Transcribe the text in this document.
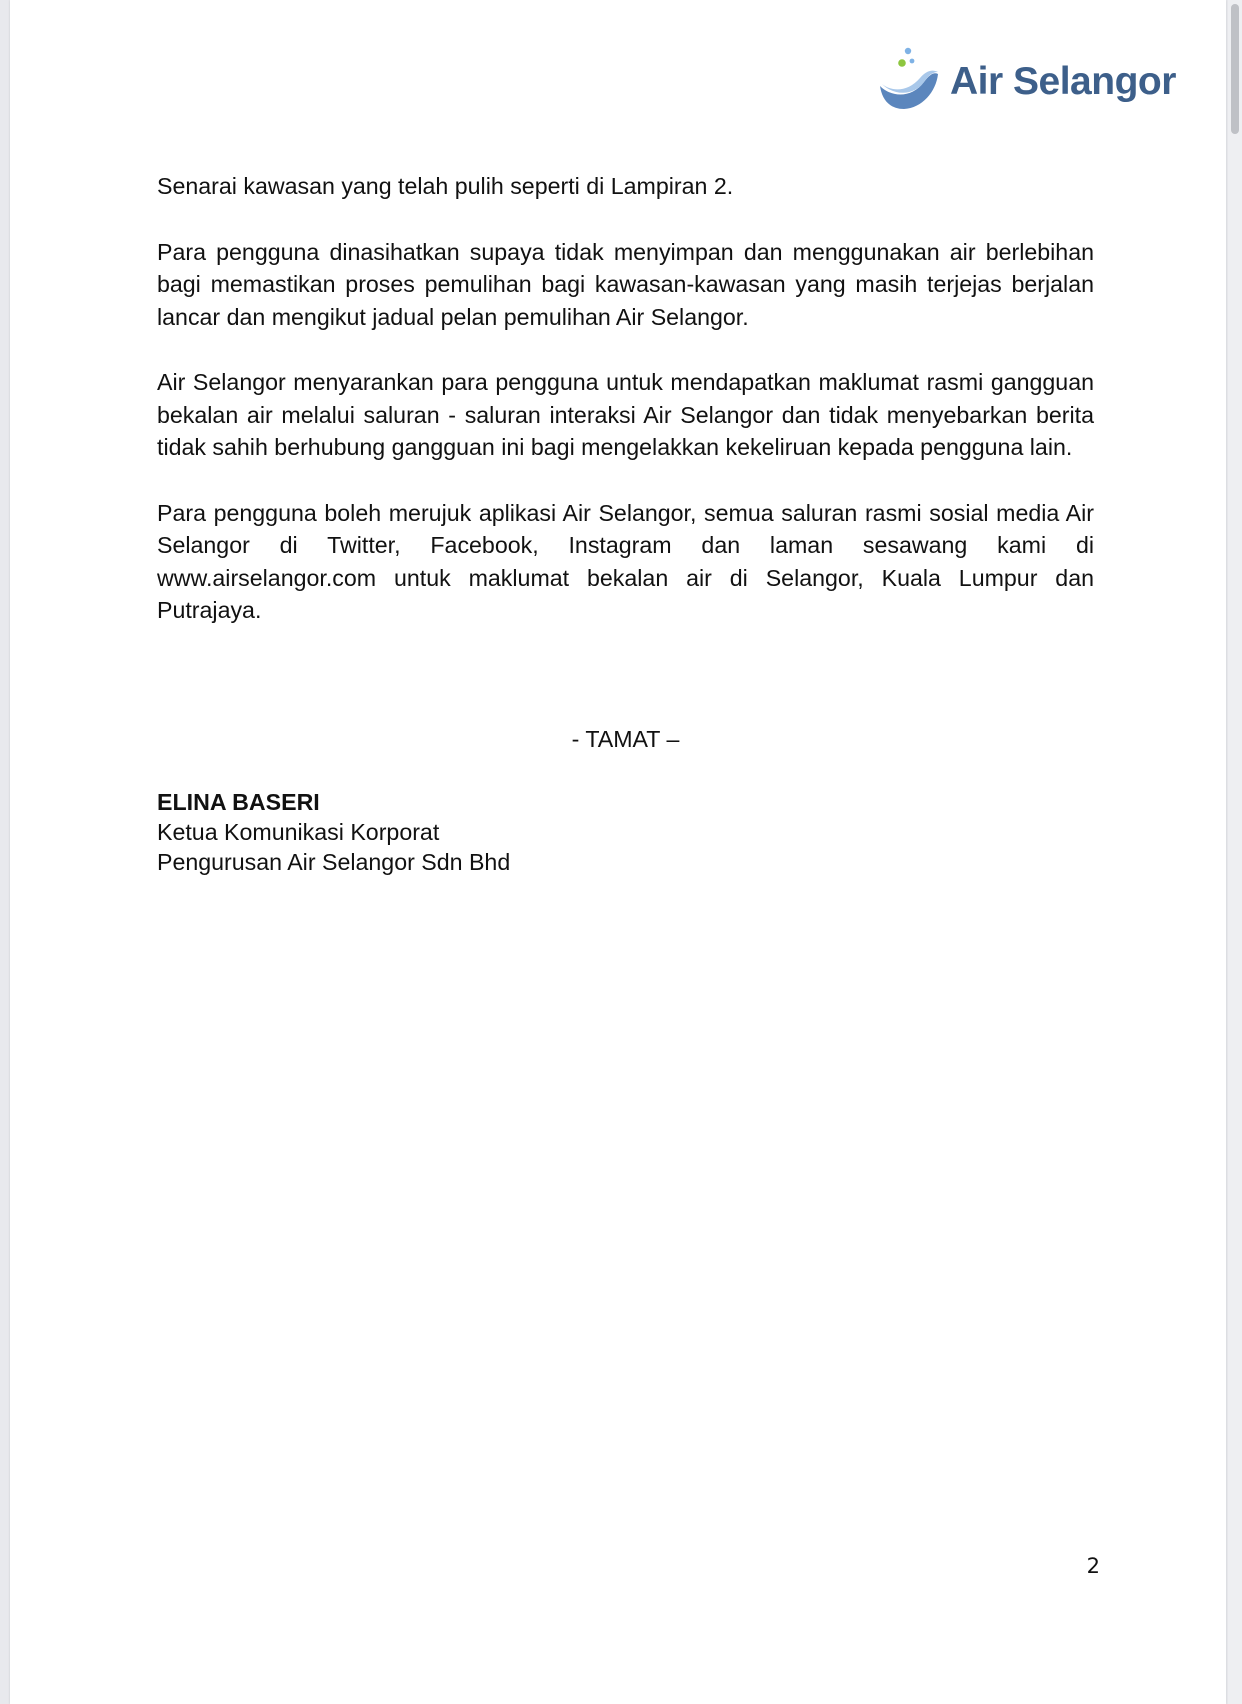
Air Selangor

Senarai kawasan yang telah pulih seperti di Lampiran 2.

Para pengguna dinasihatkan supaya tidak menyimpan dan menggunakan air berlebihan bagi memastikan proses pemulihan bagi kawasan-kawasan yang masih terjejas berjalan lancar dan mengikut jadual pelan pemulihan Air Selangor.

Air Selangor menyarankan para pengguna untuk mendapatkan maklumat rasmi gangguan bekalan air melalui saluran - saluran interaksi Air Selangor dan tidak menyebarkan berita tidak sahih berhubung gangguan ini bagi mengelakkan kekeliruan kepada pengguna lain.

Para pengguna boleh merujuk aplikasi Air Selangor, semua saluran rasmi sosial media Air Selangor di Twitter, Facebook, Instagram dan laman sesawang kami di www.airselangor.com untuk maklumat bekalan air di Selangor, Kuala Lumpur dan Putrajaya.

- TAMAT –
ELINA BASERI
Ketua Komunikasi Korporat
Pengurusan Air Selangor Sdn Bhd
2
